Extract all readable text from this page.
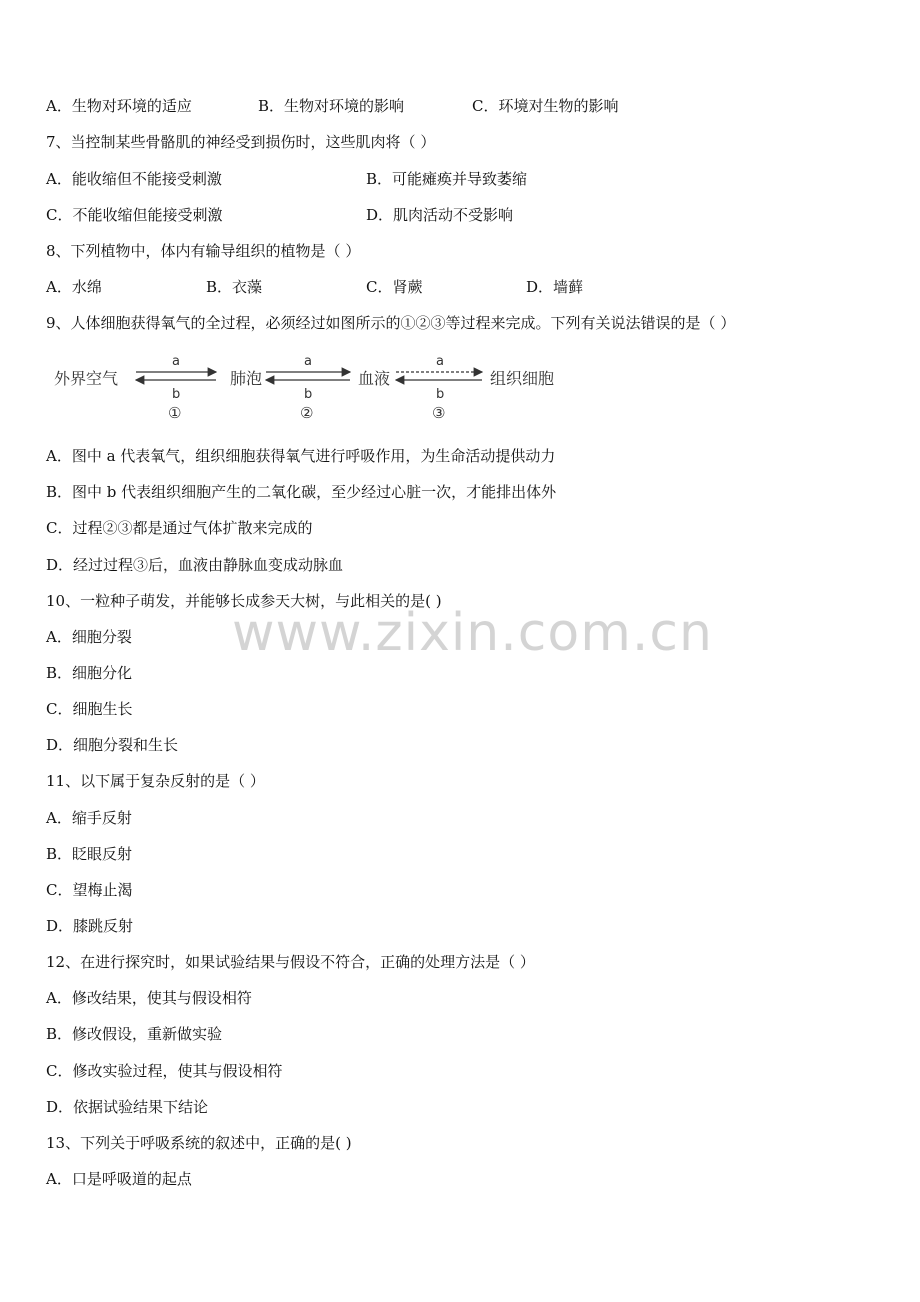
A．生物对环境的适应	B．生物对环境的影响	C．环境对生物的影响
7、当控制某些骨骼肌的神经受到损伤时，这些肌肉将（ ）
A．能收缩但不能接受刺激	B．可能瘫痪并导致萎缩
C．不能收缩但能接受刺激	D．肌肉活动不受影响
8、下列植物中，体内有输导组织的植物是（ ）
A．水绵	B．衣藻	C．肾蕨	D．墙藓
9、人体细胞获得氧气的全过程，必须经过如图所示的①②③等过程来完成。下列有关说法错误的是（ ）
外界空气	肺泡	血液	组织细胞
a
b
①
a
b
②
a
b
③
A．图中 a 代表氧气，组织细胞获得氧气进行呼吸作用，为生命活动提供动力
B．图中 b 代表组织细胞产生的二氧化碳，至少经过心脏一次，才能排出体外
C．过程②③都是通过气体扩散来完成的
D．经过过程③后，血液由静脉血变成动脉血
10、一粒种子萌发，并能够长成参天大树，与此相关的是( )
A．细胞分裂
B．细胞分化
C．细胞生长
D．细胞分裂和生长
11、以下属于复杂反射的是（ ）
A．缩手反射
B．眨眼反射
C．望梅止渴
D．膝跳反射
12、在进行探究时，如果试验结果与假设不符合，正确的处理方法是（ ）
A．修改结果，使其与假设相符
B．修改假设，重新做实验
C．修改实验过程，使其与假设相符
D．依据试验结果下结论
13、下列关于呼吸系统的叙述中，正确的是( )
A．口是呼吸道的起点
www.zixin.com.cn
